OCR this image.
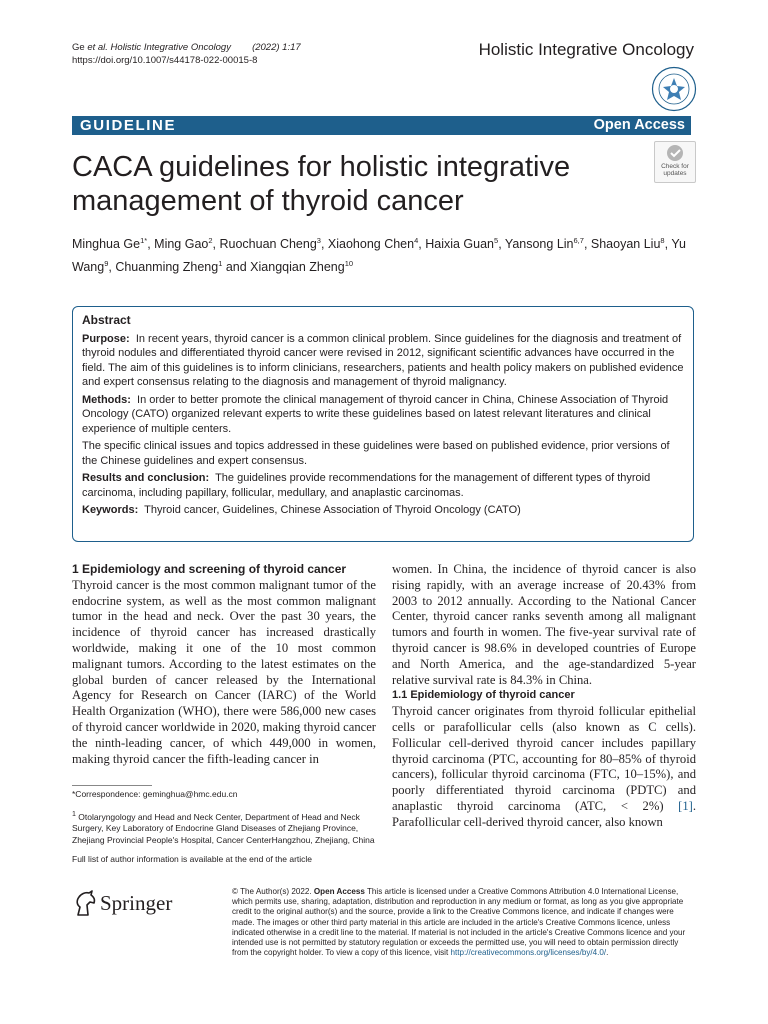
Ge et al. Holistic Integrative Oncology (2022) 1:17
https://doi.org/10.1007/s44178-022-00015-8
Holistic Integrative Oncology
GUIDELINE	Open Access
Check for updates
CACA guidelines for holistic integrative management of thyroid cancer
Minghua $Ge^{1*}$, Ming Gao$^2$, Ruochuan Cheng$^3$, Xiaohong Chen$^4$, Haixia Guan$^5$, Yansong Lin$^{6,7}$, Shaoyan Liu$^8$, Yu Wang$^9$, Chuanming Zheng$^1$ and Xiangqian Zheng$^{10}$

Abstract

Purpose: In recent years, thyroid cancer is a common clinical problem. Since guidelines for the diagnosis and treatment of thyroid nodules and differentiated thyroid cancer were revised in 2012, significant scientific advances have occurred in the field. The aim of this guidelines is to inform clinicians, researchers, patients and health policy makers on published evidence and expert consensus relating to the diagnosis and management of thyroid malignancy.

Methods: In order to better promote the clinical management of thyroid cancer in China, Chinese Association of Thyroid Oncology (CATO) organized relevant experts to write these guidelines based on latest relevant literatures and clinical experience of multiple centers.

The specific clinical issues and topics addressed in these guidelines were based on published evidence, prior versions of the Chinese guidelines and expert consensus.

Results and conclusion: The guidelines provide recommendations for the management of different types of thyroid carcinoma, including papillary, follicular, medullary, and anaplastic carcinomas.

Keywords: Thyroid cancer, Guidelines, Chinese Association of Thyroid Oncology (CATO)

1 Epidemiology and screening of thyroid cancer

Thyroid cancer is the most common malignant tumor of the endocrine system, as well as the most common malignant tumor in the head and neck. Over the past 30 years, the incidence of thyroid cancer has increased drastically worldwide, making it one of the 10 most common malignant tumors. According to the latest estimates on the global burden of cancer released by the International Agency for Research on Cancer (IARC) of the World Health Organization (WHO), there were 586,000 new cases of thyroid cancer worldwide in 2020, making thyroid cancer the ninth-leading cancer, of which 449,000 in women, making thyroid cancer the fifth-leading cancer in

women. In China, the incidence of thyroid cancer is also rising rapidly, with an average increase of 20.43% from 2003 to 2012 annually. According to the National Cancer Center, thyroid cancer ranks seventh among all malignant tumors and fourth in women. The five-year survival rate of thyroid cancer is 98.6% in developed countries of Europe and North America, and the age-standardized 5-year relative survival rate is 84.3% in China.

1.1 Epidemiology of thyroid cancer

Thyroid cancer originates from thyroid follicular epithelial cells or parafollicular cells (also known as C cells). Follicular cell-derived thyroid cancer includes papillary thyroid carcinoma (PTC, accounting for 80–85% of thyroid cancers), follicular thyroid carcinoma (FTC, 10–15%), and poorly differentiated thyroid carcinoma (PDTC) and anaplastic thyroid carcinoma (ATC, < 2%) [1]. Parafollicular cell-derived thyroid cancer, also known

*Correspondence: geminghua@hmc.edu.cn
$^1$ Otolaryngology and Head and Neck Center, Department of Head and Neck Surgery, Key Laboratory of Endocrine Gland Diseases of Zhejiang Province, Zhejiang Provincial People's Hospital, Cancer CenterHangzhou, Zhejiang, China
Full list of author information is available at the end of the article
Springer	© The Author(s) 2022. Open Access This article is licensed under a Creative Commons Attribution 4.0 International License, which permits use, sharing, adaptation, distribution and reproduction in any medium or format, as long as you give appropriate credit to the original author(s) and the source, provide a link to the Creative Commons licence, and indicate if changes were made. The images or other third party material in this article are included in the article's Creative Commons licence, unless indicated otherwise in a credit line to the material. If material is not included in the article's Creative Commons licence and your intended use is not permitted by statutory regulation or exceeds the permitted use, you will need to obtain permission directly from the copyright holder. To view a copy of this licence, visit http://creativecommons.org/licenses/by/4.0/.
